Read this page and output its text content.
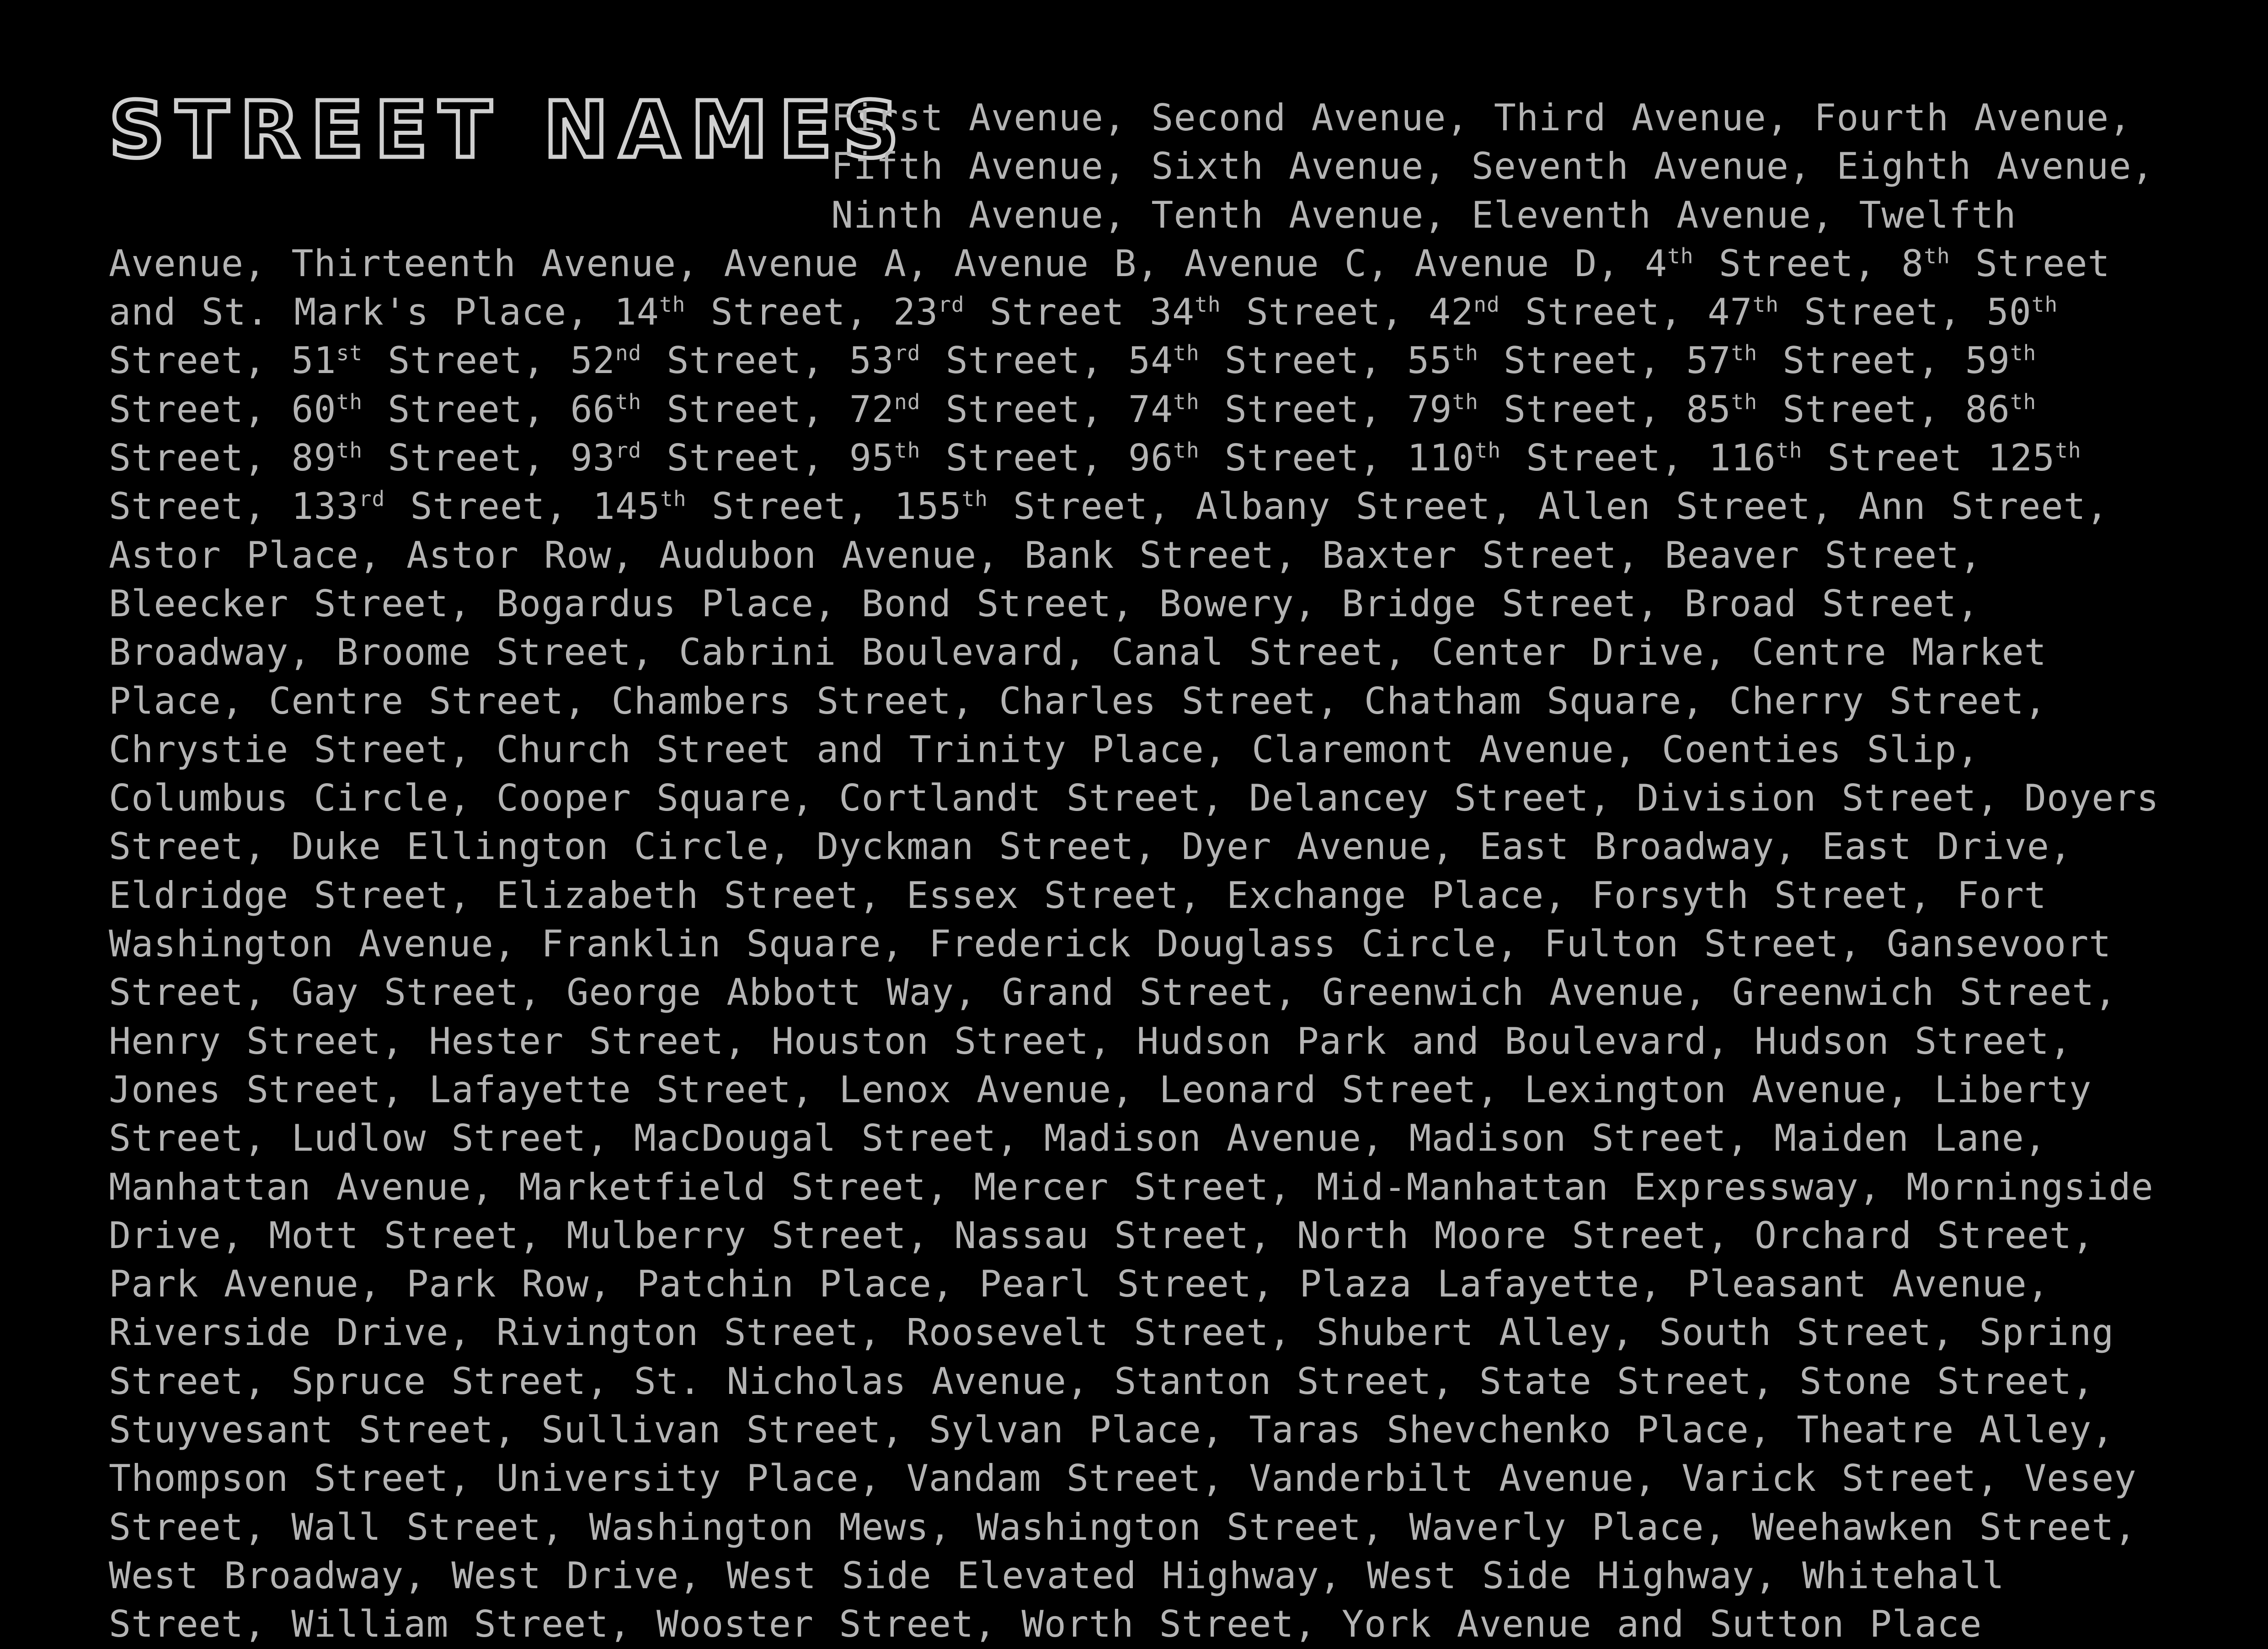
STREET NAMES

First Avenue, Second Avenue, Third Avenue, Fourth Avenue, Fifth Avenue, Sixth Avenue, Seventh Avenue, Eighth Avenue, Ninth Avenue, Tenth Avenue, Eleventh Avenue, Twelfth Avenue, Thirteenth Avenue, Avenue A, Avenue B, Avenue C, Avenue D, 4th Street, 8th Street and St. Mark's Place, 14th Street, 23rd Street 34th Street, 42nd Street, 47th Street, 50th Street, 51st Street, 52nd Street, 53rd Street, 54th Street, 55th Street, 57th Street, 59th Street, 60th Street, 66th Street, 72nd Street, 74th Street, 79th Street, 85th Street, 86th Street, 89th Street, 93rd Street, 95th Street, 96th Street, 110th Street, 116th Street 125th Street, 133rd Street, 145th Street, 155th Street, Albany Street, Allen Street, Ann Street, Astor Place, Astor Row, Audubon Avenue, Bank Street, Baxter Street, Beaver Street, Bleecker Street, Bogardus Place, Bond Street, Bowery, Bridge Street, Broad Street, Broadway, Broome Street, Cabrini Boulevard, Canal Street, Center Drive, Centre Market Place, Centre Street, Chambers Street, Charles Street, Chatham Square, Cherry Street, Chrystie Street, Church Street and Trinity Place, Claremont Avenue, Coenties Slip, Columbus Circle, Cooper Square, Cortlandt Street, Delancey Street, Division Street, Doyers Street, Duke Ellington Circle, Dyckman Street, Dyer Avenue, East Broadway, East Drive, Eldridge Street, Elizabeth Street, Essex Street, Exchange Place, Forsyth Street, Fort Washington Avenue, Franklin Square, Frederick Douglass Circle, Fulton Street, Gansevoort Street, Gay Street, George Abbott Way, Grand Street, Greenwich Avenue, Greenwich Street, Henry Street, Hester Street, Houston Street, Hudson Park and Boulevard, Hudson Street, Jones Street, Lafayette Street, Lenox Avenue, Leonard Street, Lexington Avenue, Liberty Street, Ludlow Street, MacDougal Street, Madison Avenue, Madison Street, Maiden Lane, Manhattan Avenue, Marketfield Street, Mercer Street, Mid-Manhattan Expressway, Morningside Drive, Mott Street, Mulberry Street, Nassau Street, North Moore Street, Orchard Street, Park Avenue, Park Row, Patchin Place, Pearl Street, Plaza Lafayette, Pleasant Avenue, Riverside Drive, Rivington Street, Roosevelt Street, Shubert Alley, South Street, Spring Street, Spruce Street, St. Nicholas Avenue, Stanton Street, State Street, Stone Street, Stuyvesant Street, Sullivan Street, Sylvan Place, Taras Shevchenko Place, Theatre Alley, Thompson Street, University Place, Vandam Street, Vanderbilt Avenue, Varick Street, Vesey Street, Wall Street, Washington Mews, Washington Street, Waverly Place, Weehawken Street, West Broadway, West Drive, West Side Elevated Highway, West Side Highway, Whitehall Street, William Street, Wooster Street, Worth Street, York Avenue and Sutton Place
